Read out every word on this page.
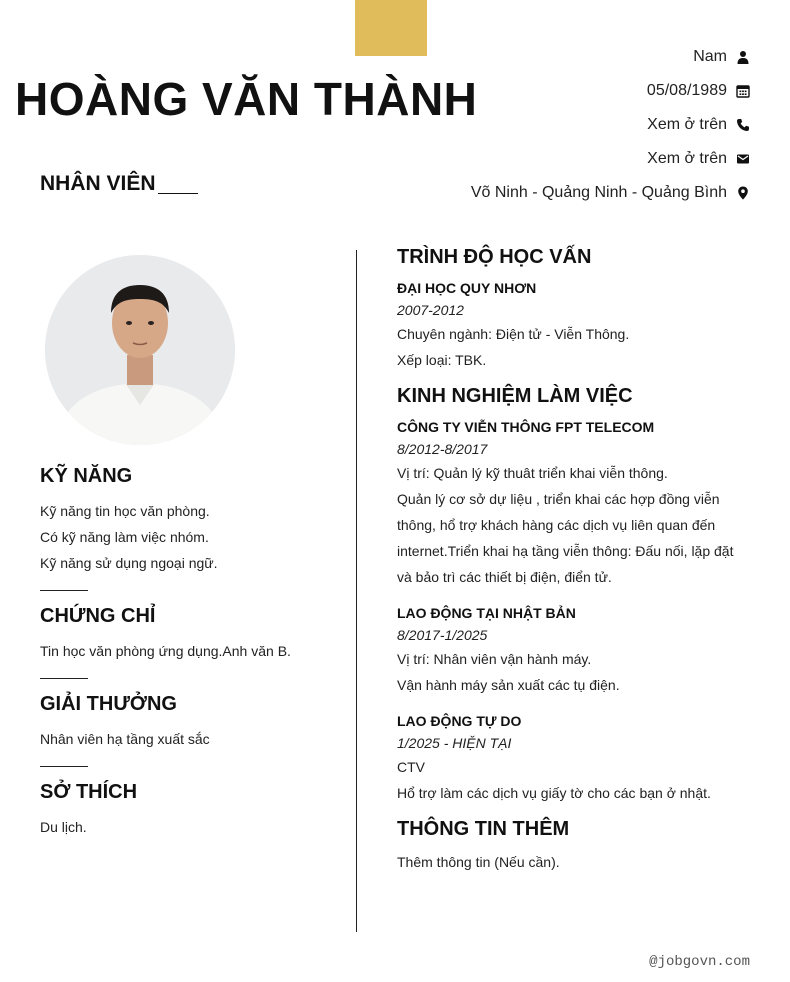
HOÀNG VĂN THÀNH
NHÂN VIÊN
Nam
05/08/1989
Xem ở trên
Xem ở trên
Võ Ninh - Quảng Ninh - Quảng Bình
KỸ NĂNG

Kỹ năng tin học văn phòng.

Có kỹ năng làm việc nhóm.

Kỹ năng sử dụng ngoại ngữ.

CHỨNG CHỈ

Tin học văn phòng ứng dụng.Anh văn B.

GIẢI THƯỞNG

Nhân viên hạ tầng xuất sắc

SỞ THÍCH

Du lịch.

TRÌNH ĐỘ HỌC VẤN
ĐẠI HỌC QUY NHƠN
2007-2012

Chuyên ngành: Điện tử - Viễn Thông.

Xếp loại: TBK.

KINH NGHIỆM LÀM VIỆC
CÔNG TY VIỄN THÔNG FPT TELECOM
8/2012-8/2017

Vị trí: Quản lý kỹ thuât triển khai viễn thông.

Quản lý cơ sở dự liệu , triển khai các hợp đồng viễn

thông, hổ trợ khách hàng các dịch vụ liên quan đến

internet.Triển khai hạ tầng viễn thông: Đấu nối, lặp đặt

và bảo trì các thiết bị điện, điển tử.

LAO ĐỘNG TẠI NHẬT BẢN
8/2017-1/2025

Vị trí: Nhân viên vận hành máy.

Vận hành máy sản xuất các tụ điện.

LAO ĐỘNG TỰ DO
1/2025 - HIỆN TẠI

CTV

Hổ trợ làm các dịch vụ giấy tờ cho các bạn ở nhật.

THÔNG TIN THÊM

Thêm thông tin (Nếu cần).

@jobgovn.com
